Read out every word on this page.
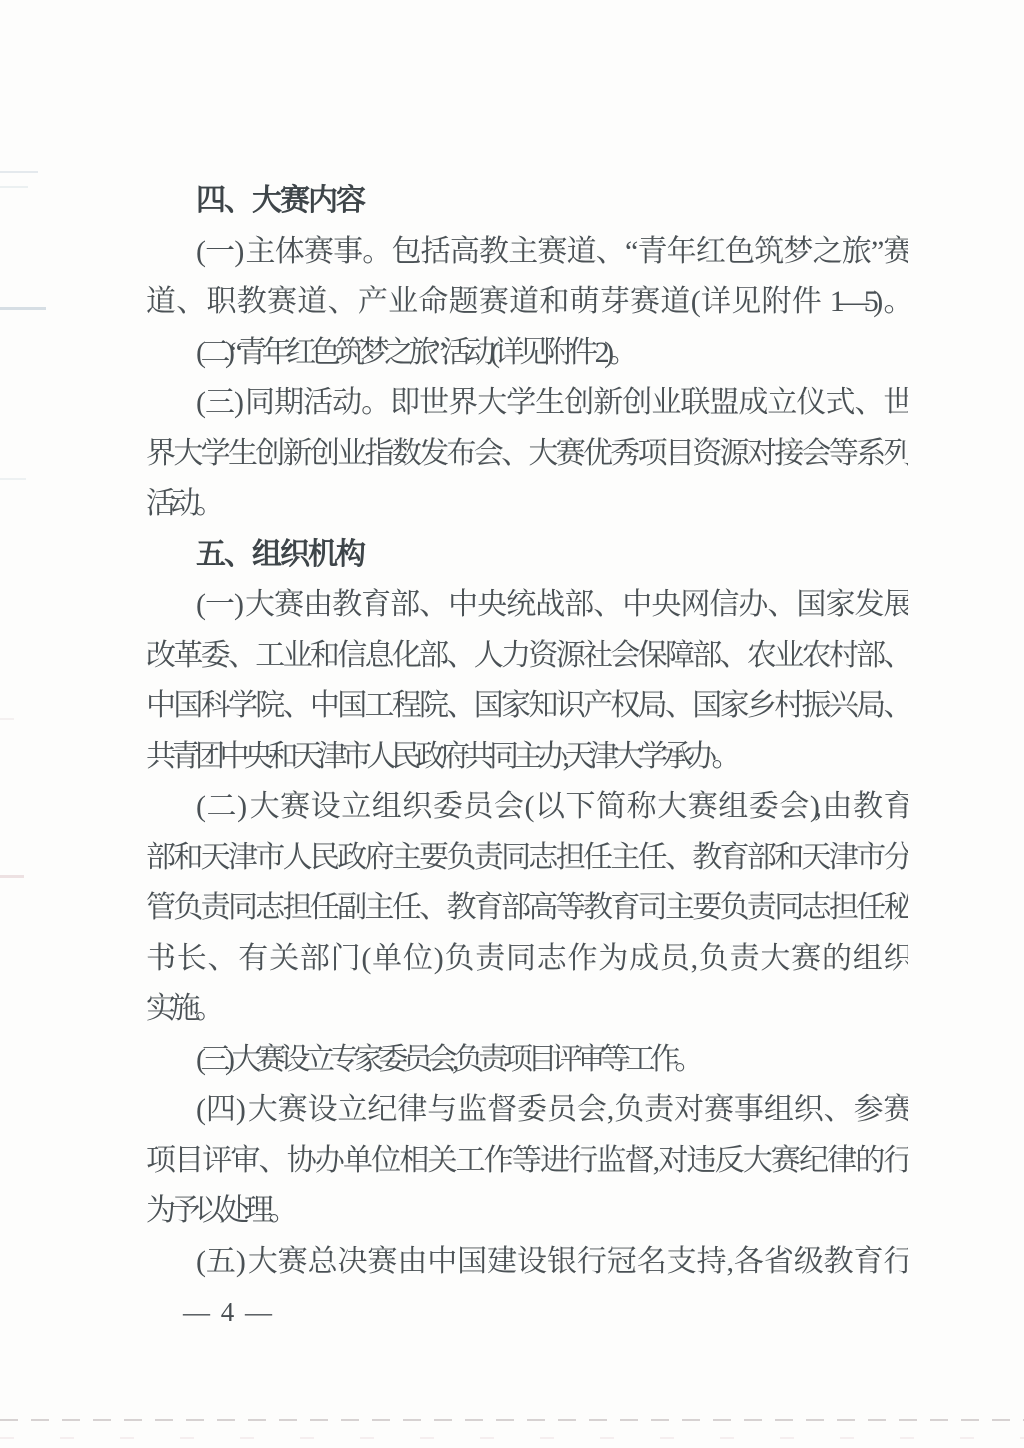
四、大赛内容
(一) 主体赛事。包括高教主赛道、“青年红色筑梦之旅”赛
道、职教赛道、产业命题赛道和萌芽赛道(详见附件 1—5)。
(二)“青年红色筑梦之旅”活动(详见附件 2)。
(三) 同期活动。即世界大学生创新创业联盟成立仪式、世
界大学生创新创业指数发布会、大赛优秀项目资源对接会等系列
活动。
五、组织机构
(一) 大赛由教育部、中央统战部、中央网信办、国家发展
改革委、工业和信息化部、人力资源社会保障部、农业农村部、
中国科学院、中国工程院、国家知识产权局、国家乡村振兴局、
共青团中央和天津市人民政府共同主办,天津大学承办。
(二) 大赛设立组织委员会(以下简称大赛组委会),由教育
部和天津市人民政府主要负责同志担任主任、教育部和天津市分
管负责同志担任副主任、教育部高等教育司主要负责同志担任秘
书长、有关部门(单位)负责同志作为成员,负责大赛的组织
实施。
(三) 大赛设立专家委员会,负责项目评审等工作。
(四) 大赛设立纪律与监督委员会,负责对赛事组织、参赛
项目评审、协办单位相关工作等进行监督,对违反大赛纪律的行
为予以处理。
(五) 大赛总决赛由中国建设银行冠名支持,各省级教育行
— 4 —
